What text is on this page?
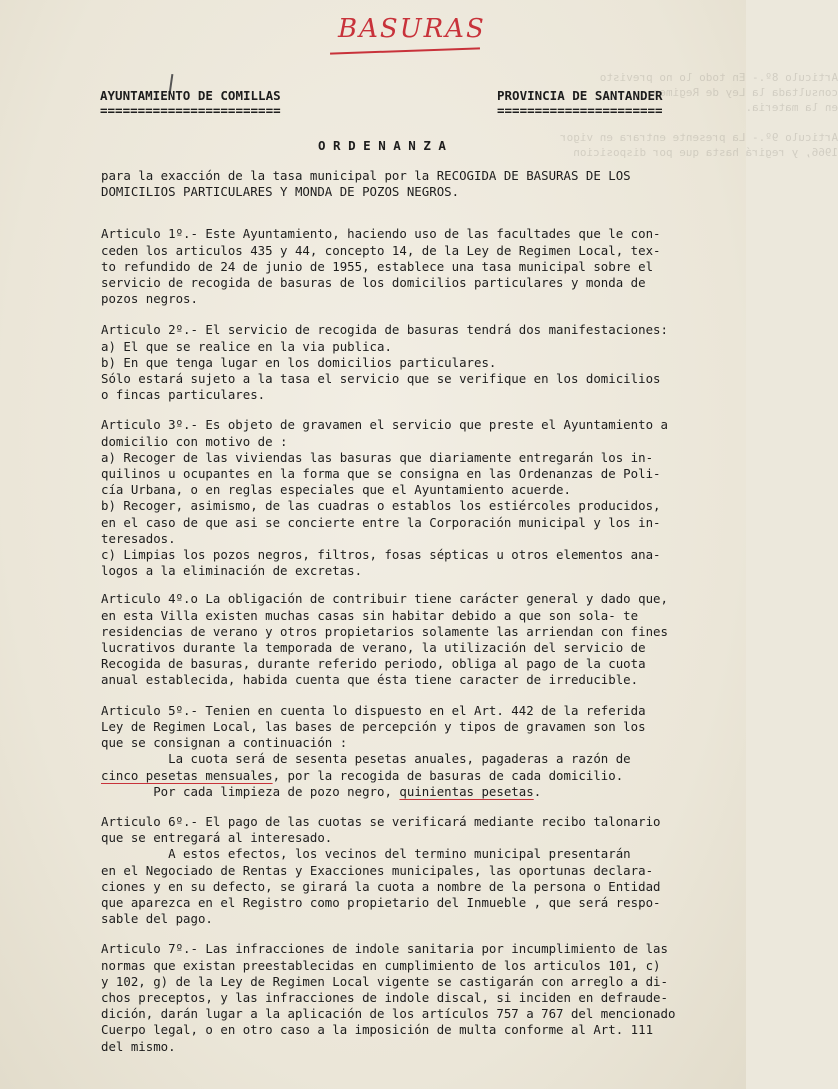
Articulo 8º.- En todo lo no previsto
consultada la Ley de Regimen
en la materia.

Articulo 9º.- La presente entrara en vigor
1966, y regirá hasta que por disposicion
BASURAS
AYUNTAMIENTO DE COMILLAS
========================
PROVINCIA DE SANTANDER
======================
O R D E N A N Z A
para la exacción de la tasa municipal por la RECOGIDA DE BASURAS DE LOS
DOMICILIOS PARTICULARES Y MONDA DE POZOS NEGROS.
Articulo 1º.- Este Ayuntamiento, haciendo uso de las facultades que le con-
ceden los articulos 435 y 44, concepto 14, de la Ley de Regimen Local, tex-
to refundido de 24 de junio de 1955, establece una tasa municipal sobre el
servicio de recogida de basuras de los domicilios particulares y monda de
pozos negros.
Articulo 2º.- El servicio de recogida de basuras tendrá dos manifestaciones:
a) El que se realice en la via publica.
b) En que tenga lugar en los domicilios particulares.
Sólo estará sujeto a la tasa el servicio que se verifique en los domicilios
o fincas particulares.
Articulo 3º.- Es objeto de gravamen el servicio que preste el Ayuntamiento a
domicilio con motivo de :
a) Recoger de las viviendas las basuras que diariamente entregarán los in-
quilinos u ocupantes en la forma que se consigna en las Ordenanzas de Poli-
cía Urbana, o en reglas especiales que el Ayuntamiento acuerde.
b) Recoger, asimismo, de las cuadras o establos los estiércoles producidos,
en el caso de que asi se concierte entre la Corporación municipal y los in-
teresados.
c) Limpias los pozos negros, filtros, fosas sépticas u otros elementos ana-
logos a la eliminación de excretas.
Articulo 4º.o La obligación de contribuir tiene carácter general y dado que,
en esta Villa existen muchas casas sin habitar debido a que son sola- te
residencias de verano y otros propietarios solamente las arriendan con fines
lucrativos durante la temporada de verano, la utilización del servicio de
Recogida de basuras, durante referido periodo, obliga al pago de la cuota
anual establecida, habida cuenta que ésta tiene caracter de irreducible.
Articulo 5º.- Tenien en cuenta lo dispuesto en el Art. 442 de la referida
Ley de Regimen Local, las bases de percepción y tipos de gravamen son los
que se consignan a continuación :
La cuota será de sesenta pesetas anuales, pagaderas a razón de
cinco pesetas mensuales, por la recogida de basuras de cada domicilio.
Por cada limpieza de pozo negro, quinientas pesetas.
Articulo 6º.- El pago de las cuotas se verificará mediante recibo talonario
que se entregará al interesado.
A estos efectos, los vecinos del termino municipal presentarán
en el Negociado de Rentas y Exacciones municipales, las oportunas declara-
ciones y en su defecto, se girará la cuota a nombre de la persona o Entidad
que aparezca en el Registro como propietario del Inmueble , que será respo-
sable del pago.
Articulo 7º.- Las infracciones de indole sanitaria por incumplimiento de las
normas que existan preestablecidas en cumplimiento de los articulos 101, c)
y 102, g) de la Ley de Regimen Local vigente se castigarán con arreglo a di-
chos preceptos, y las infracciones de indole discal, si inciden en defraude-
dición, darán lugar a la aplicación de los artículos 757 a 767 del mencionado
Cuerpo legal, o en otro caso a la imposición de multa conforme al Art. 111
del mismo.
